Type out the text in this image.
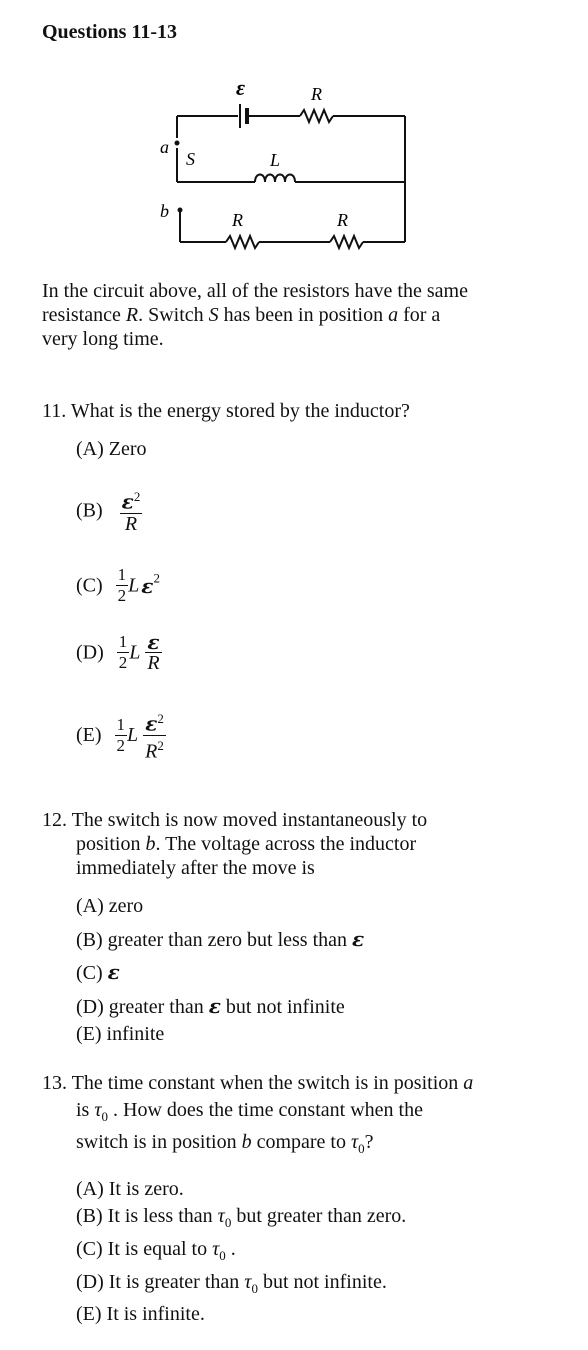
Questions 11-13
ε	R
L
S
a
b	R	R
In the circuit above, all of the resistors have the same
resistance R. Switch S has been in position a for a
very long time.
11. What is the energy stored by the inductor?
(A) Zero
$(B) \frac{\varepsilon^2}{R}$
$(C) \frac{1}{2}$ L $\varepsilon^2$
$(D) \frac{1}{2}$ L $\frac{\varepsilon}{R}$
$(E) \frac{1}{2}$ L $\frac{\varepsilon^2}{R^2}$
12. The switch is now moved instantaneously to
position b. The voltage across the inductor
immediately after the move is
(A) zero
(B) greater than zero but less than ε
(C) ε
(D) greater than ε but not infinite
(E) infinite
13. The time constant when the switch is in position a
is $\tau_0$ . How does the time constant when the
switch is in position b compare to $\tau_0$?
(A) It is zero.
(B) It is less than $\tau_0$ but greater than zero.
(C) It is equal to $\tau_0$ .
(D) It is greater than $\tau_0$ but not infinite.
(E) It is infinite.
